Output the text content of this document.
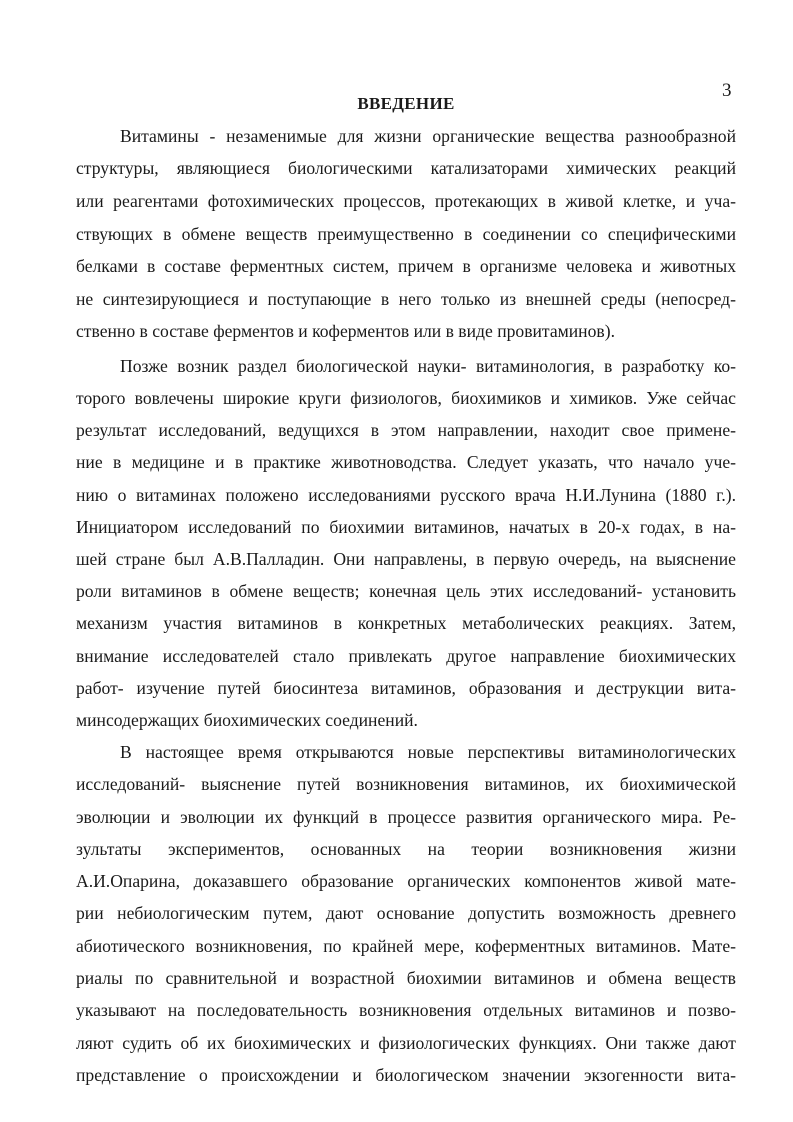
3
ВВЕДЕНИЕ
Витамины - незаменимые для жизни органические вещества разнообразной
структуры, являющиеся биологическими катализаторами химических реакций
или реагентами фотохимических процессов, протекающих в живой клетке, и уча-
ствующих в обмене веществ преимущественно в соединении со специфическими
белками в составе ферментных систем, причем в организме человека и животных
не синтезирующиеся и поступающие в него только из внешней среды (непосред-
ственно в составе ферментов и коферментов или в виде провитаминов).
Позже возник раздел биологической науки- витаминология, в разработку ко-
торого вовлечены широкие круги физиологов, биохимиков и химиков. Уже сейчас
результат исследований, ведущихся в этом направлении, находит свое примене-
ние в медицине и в практике животноводства. Следует указать, что начало уче-
нию о витаминах положено исследованиями русского врача Н.И.Лунина (1880 г.).
Инициатором исследований по биохимии витаминов, начатых в 20-х годах, в на-
шей стране был А.В.Палладин. Они направлены, в первую очередь, на выяснение
роли витаминов в обмене веществ; конечная цель этих исследований- установить
механизм участия витаминов в конкретных метаболических реакциях. Затем,
внимание исследователей стало привлекать другое направление биохимических
работ- изучение путей биосинтеза витаминов, образования и деструкции вита-
минсодержащих биохимических соединений.
В настоящее время открываются новые перспективы витаминологических
исследований- выяснение путей возникновения витаминов, их биохимической
эволюции и эволюции их функций в процессе развития органического мира. Ре-
зультаты экспериментов, основанных на теории возникновения жизни
А.И.Опарина, доказавшего образование органических компонентов живой мате-
рии небиологическим путем, дают основание допустить возможность древнего
абиотического возникновения, по крайней мере, коферментных витаминов. Мате-
риалы по сравнительной и возрастной биохимии витаминов и обмена веществ
указывают на последовательность возникновения отдельных витаминов и позво-
ляют судить об их биохимических и физиологических функциях. Они также дают
представление о происхождении и биологическом значении экзогенности вита-
